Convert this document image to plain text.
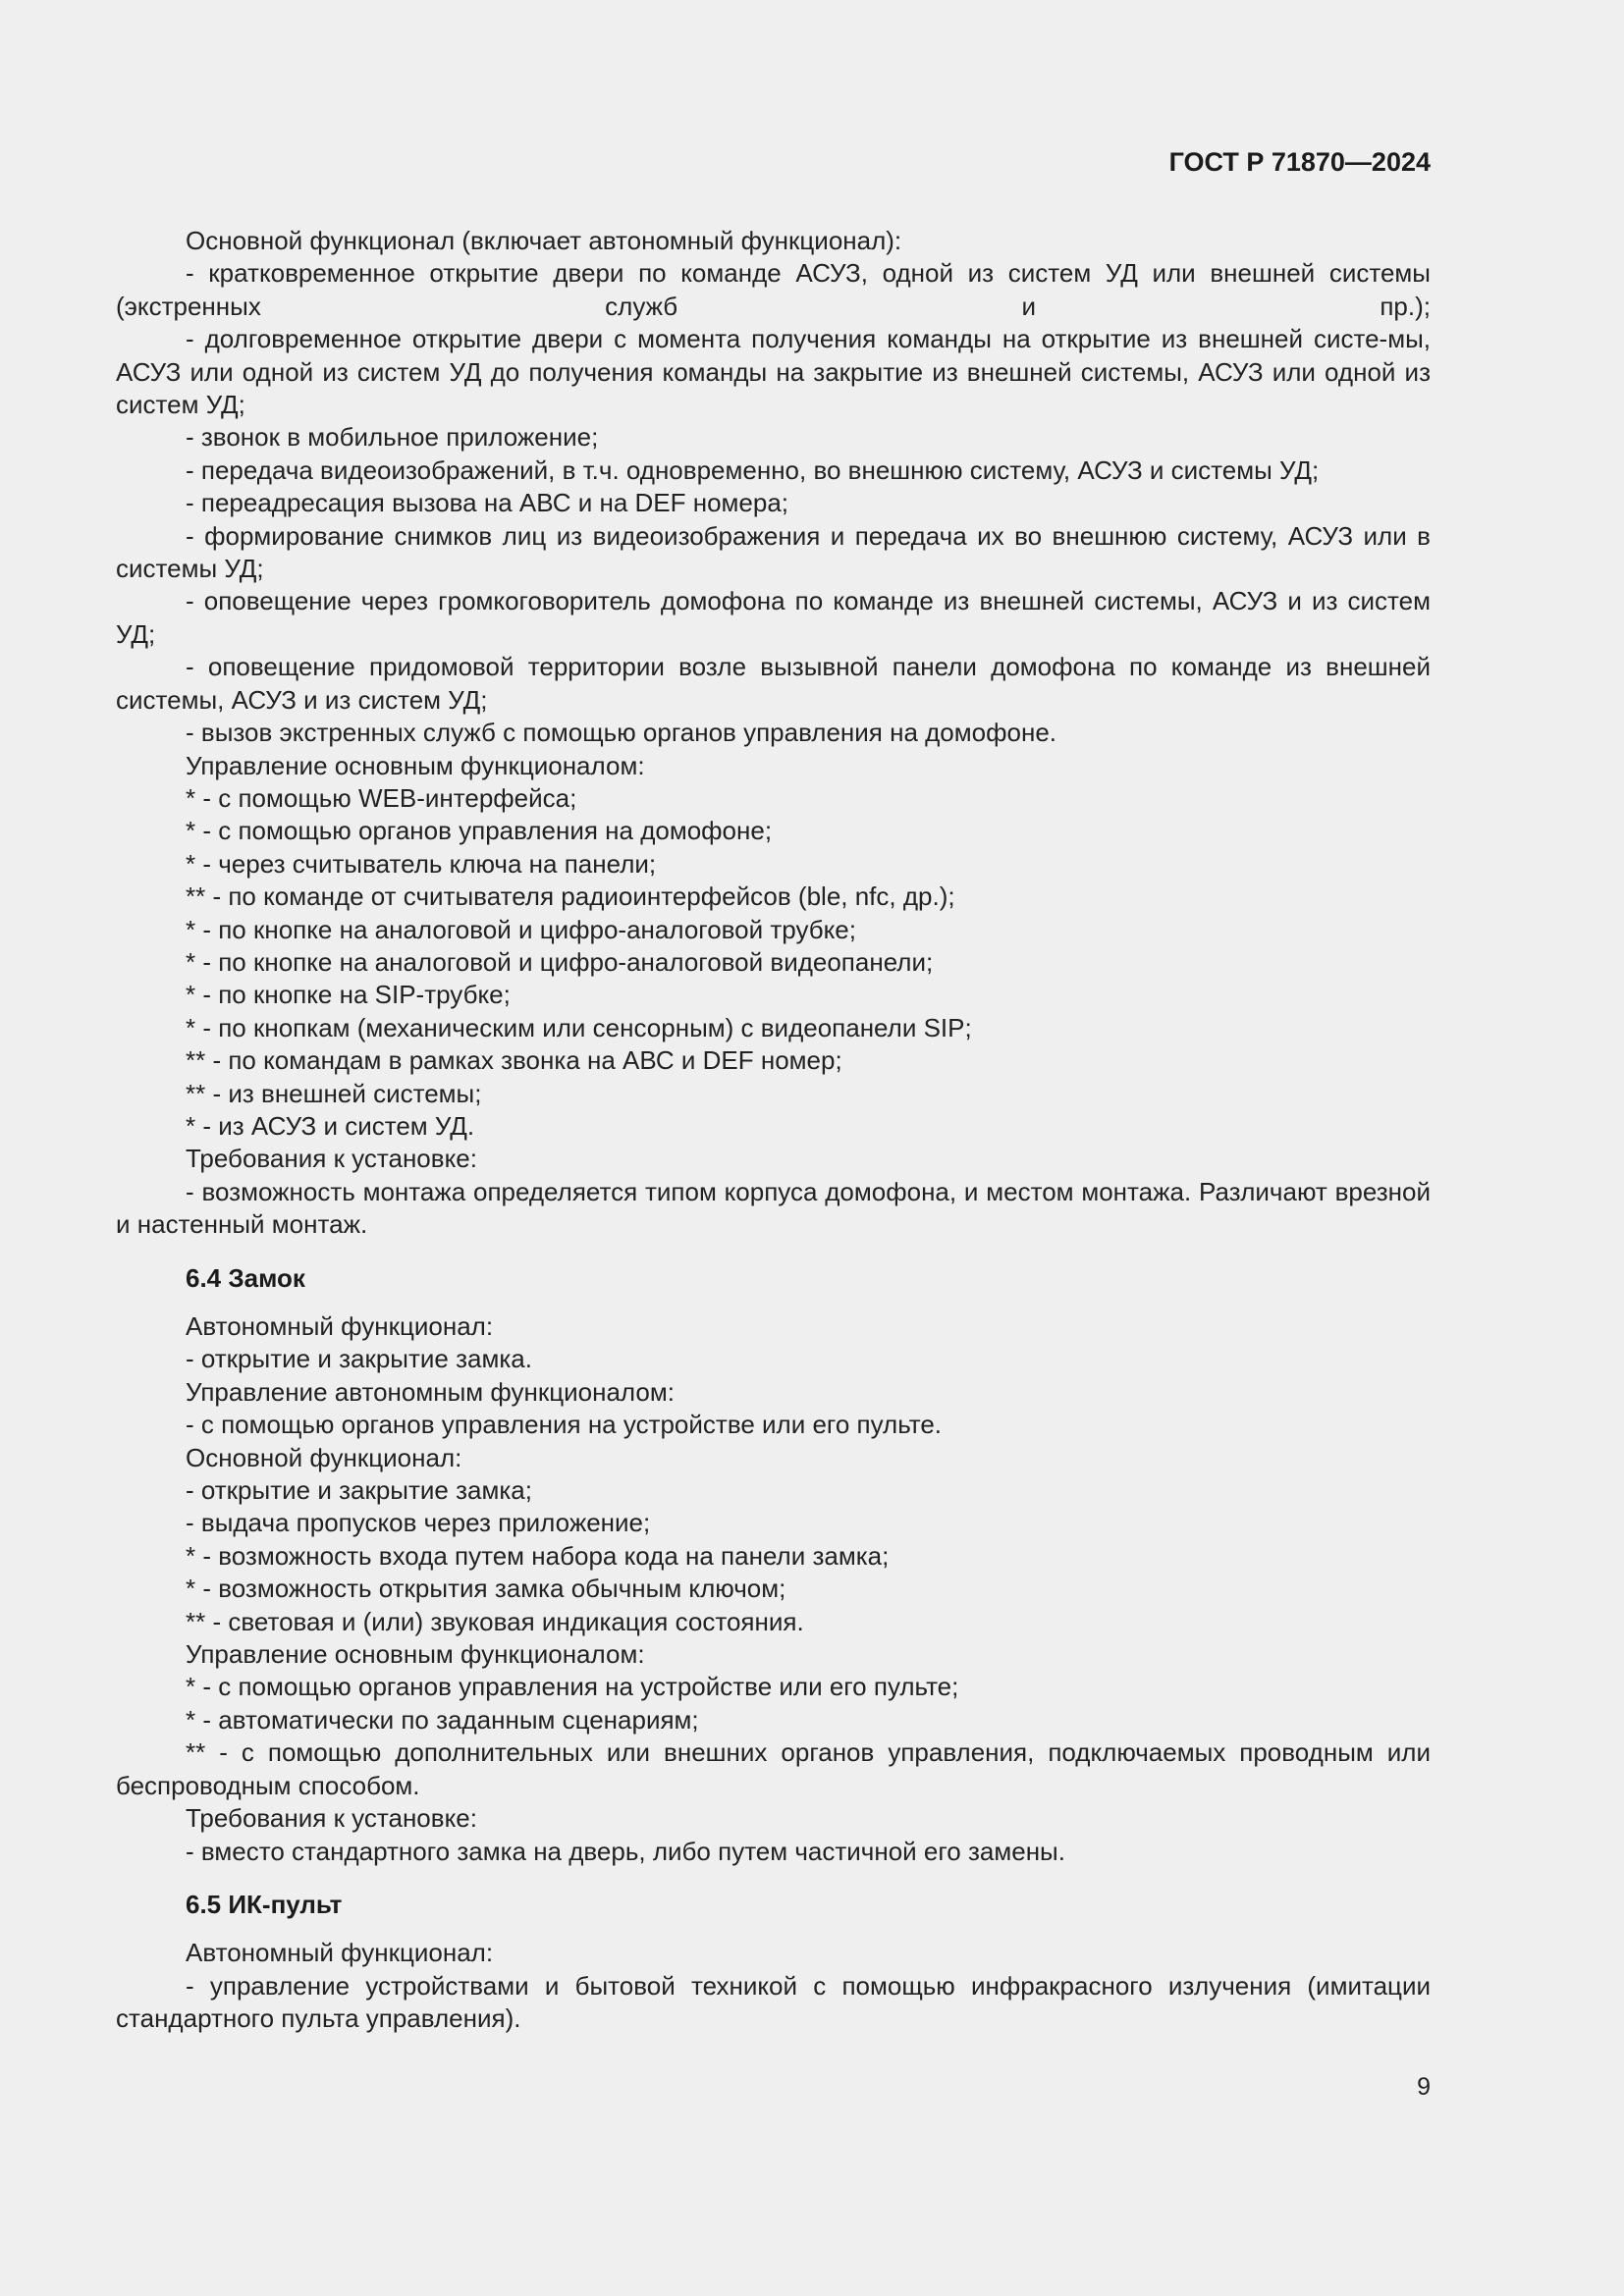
ГОСТ Р 71870—2024

Основной функционал (включает автономный функционал):

- кратковременное открытие двери по команде АСУЗ, одной из систем УД или внешней системы (экстренных служб и пр.);

- долговременное открытие двери с момента получения команды на открытие из внешней систе-мы, АСУЗ или одной из систем УД до получения команды на закрытие из внешней системы, АСУЗ или одной из систем УД;

- звонок в мобильное приложение;

- передача видеоизображений, в т.ч. одновременно, во внешнюю систему, АСУЗ и системы УД;

- переадресация вызова на АВС и на DEF номера;

- формирование снимков лиц из видеоизображения и передача их во внешнюю систему, АСУЗ или в системы УД;

- оповещение через громкоговоритель домофона по команде из внешней системы, АСУЗ и из систем УД;

- оповещение придомовой территории возле вызывной панели домофона по команде из внешней системы, АСУЗ и из систем УД;

- вызов экстренных служб с помощью органов управления на домофоне.

Управление основным функционалом:

* - с помощью WEB-интерфейса;

* - с помощью органов управления на домофоне;

* - через считыватель ключа на панели;

** - по команде от считывателя радиоинтерфейсов (ble, nfc, др.);

* - по кнопке на аналоговой и цифро-аналоговой трубке;

* - по кнопке на аналоговой и цифро-аналоговой видеопанели;

* - по кнопке на SIP-трубке;

* - по кнопкам (механическим или сенсорным) с видеопанели SIP;

** - по командам в рамках звонка на АВС и DEF номер;

** - из внешней системы;

* - из АСУЗ и систем УД.

Требования к установке:

- возможность монтажа определяется типом корпуса домофона, и местом монтажа. Различают врезной и настенный монтаж.

6.4 Замок

Автономный функционал:

- открытие и закрытие замка.

Управление автономным функционалом:

- с помощью органов управления на устройстве или его пульте.

Основной функционал:

- открытие и закрытие замка;

- выдача пропусков через приложение;

* - возможность входа путем набора кода на панели замка;

* - возможность открытия замка обычным ключом;

** - световая и (или) звуковая индикация состояния.

Управление основным функционалом:

* - с помощью органов управления на устройстве или его пульте;

* - автоматически по заданным сценариям;

** - с помощью дополнительных или внешних органов управления, подключаемых проводным или беспроводным способом.

Требования к установке:

- вместо стандартного замка на дверь, либо путем частичной его замены.

6.5 ИК-пульт

Автономный функционал:

- управление устройствами и бытовой техникой с помощью инфракрасного излучения (имитации стандартного пульта управления).

9
